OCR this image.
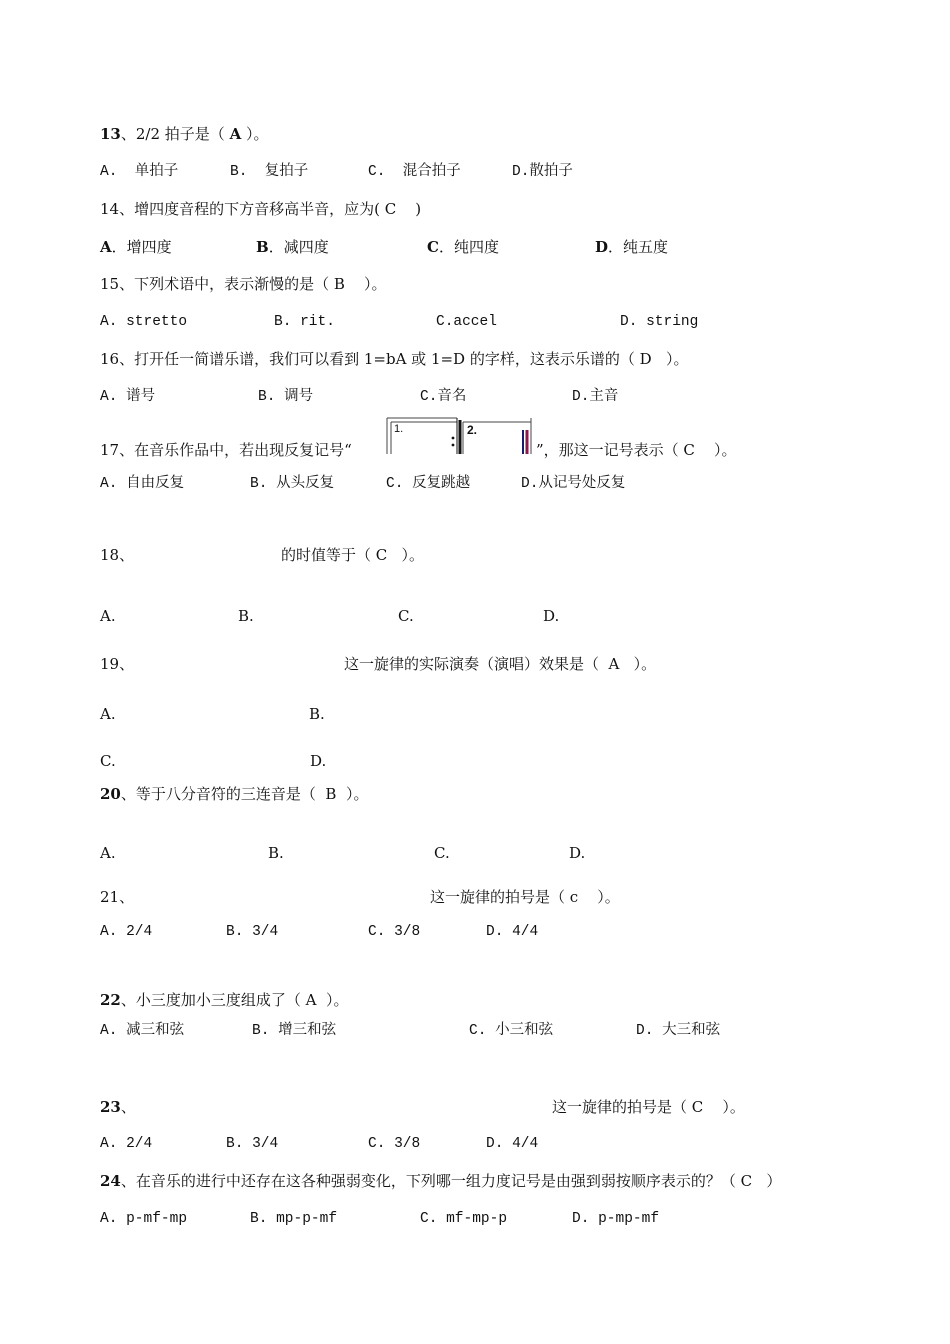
13、2/2 拍子是（ A ）。
A.  单拍子	B.  复拍子	C.  混合拍子	D.散拍子
14、增四度音程的下方音移高半音，应为( C    )
A．增四度	B．减四度	C．纯四度	D．纯五度
15、下列术语中，表示渐慢的是（ B    ）。
A. stretto	B. rit.	C.accel	D. string
16、打开任一简谱乐谱，我们可以看到 1=bA 或 1=D 的字样，这表示乐谱的（ D   ）。
A. 谱号	B. 调号	C.音名	D.主音
17、在音乐作品中，若出现反复记号“
1.	2.
”，那这一记号表示（ C    ）。
A. 自由反复	B. 从头反复	C. 反复跳越	D.从记号处反复
18、	的时值等于（ C   ）。
A.	B.	C.	D.
19、	这一旋律的实际演奏（演唱）效果是（  A   ）。
A.	B.
C.	D.
20、等于八分音符的三连音是（  B  ）。
A.	B.	C.	D.
21、	这一旋律的拍号是（ c    ）。
A. 2/4	B. 3/4	C. 3/8	D. 4/4
22、小三度加小三度组成了（ A  ）。
A. 减三和弦	B. 增三和弦	C. 小三和弦	D. 大三和弦
23、	这一旋律的拍号是（ C    ）。
A. 2/4	B. 3/4	C. 3/8	D. 4/4
24、在音乐的进行中还存在这各种强弱变化，下列哪一组力度记号是由强到弱按顺序表示的？（ C   ）
A. p-mf-mp	B. mp-p-mf	C. mf-mp-p	D. p-mp-mf
